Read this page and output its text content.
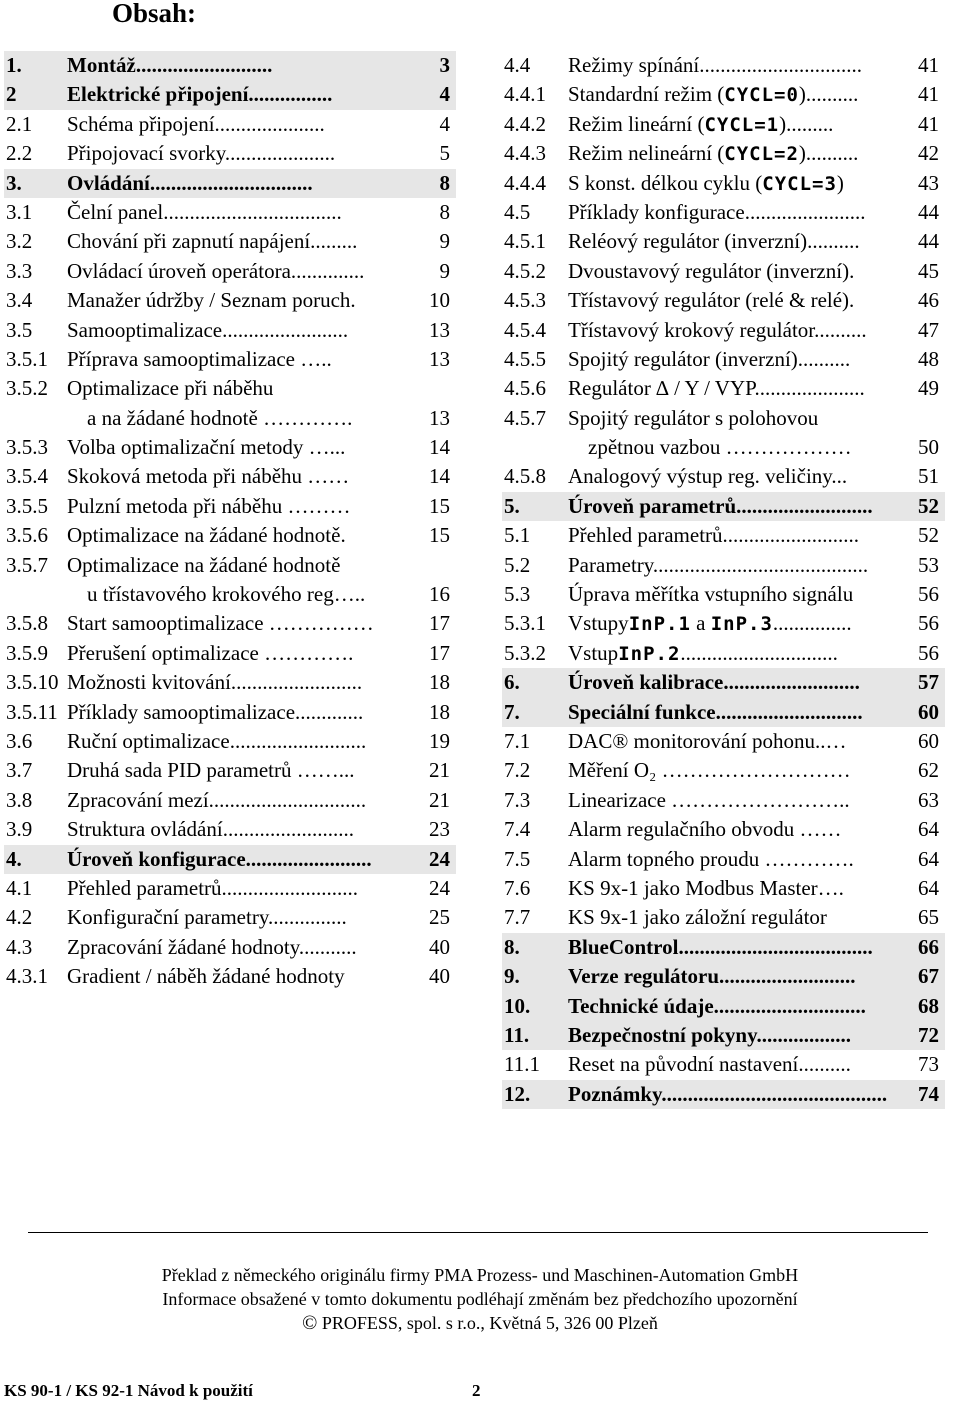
Obsah:
1. Montáž..........................	3
2 Elektrické připojení................	4
2.1 Schéma připojení.....................	4
2.2 Připojovací svorky.....................	5
3. Ovládání...............................	8
3.1 Čelní panel..................................	8
3.2 Chování při zapnutí napájení.........	9
3.3 Ovládací úroveň operátora..............	9
3.4 Manažer údržby / Seznam poruch.	10
3.5 Samooptimalizace........................	13
3.5.1 Příprava samooptimalizace …..	13
3.5.2 Optimalizace při náběhu
a na žádané hodnotě ………….	13
3.5.3 Volba optimalizační metody …...	14
3.5.4 Skoková metoda při náběhu ……	14
3.5.5 Pulzní metoda při náběhu ………	15
3.5.6 Optimalizace na žádané hodnotě.	15
3.5.7 Optimalizace na žádané hodnotě
u třístavového krokového reg…..	16
3.5.8 Start samooptimalizace ……………	17
3.5.9 Přerušení optimalizace ………….	17
3.5.10 Možnosti kvitování.........................	18
3.5.11 Příklady samooptimalizace.............	18
3.6 Ruční optimalizace..........................	19
3.7 Druhá sada PID parametrů ……...	21
3.8 Zpracování mezí..............................	21
3.9 Struktura ovládání.........................	23
4. Úroveň konfigurace........................	24
4.1 Přehled parametrů..........................	24
4.2 Konfigurační parametry...............	25
4.3 Zpracování žádané hodnoty...........	40
4.3.1 Gradient / náběh žádané hodnoty	40
4.4 Režimy spínání...............................	41
4.4.1 Standardní režim (CYCL=0)..........	41
4.4.2 Režim lineární (CYCL=1).........	41
4.4.3 Režim nelineární (CYCL=2)..........	42
4.4.4 S konst. délkou cyklu (CYCL=3)	43
4.5 Příklady konfigurace.......................	44
4.5.1 Reléový regulátor (inverzní)..........	44
4.5.2 Dvoustavový regulátor (inverzní).	45
4.5.3 Třístavový regulátor (relé & relé).	46
4.5.4 Třístavový krokový regulátor.......... 47
4.5.5 Spojitý regulátor (inverzní)..........	48
4.5.6 Regulátor ∆ / Y / VYP.....................	49
4.5.7 Spojitý regulátor s polohovou
zpětnou vazbou ………………	50
4.5.8 Analogový výstup reg. veličiny...	51
5. Úroveň parametrů.......................... 52
5.1 Přehled parametrů..........................	52
5.2 Parametry......................................... 53
5.3 Úprava měřítka vstupního signálu	56
5.3.1 VstupyInP.1 a InP.3...............	56
5.3.2 VstupInP.2..............................	56
6. Úroveň kalibrace..........................	57
7. Speciální funkce............................	60
7.1 DAC® monitorování pohonu..…	60
7.2 Měření O₂ ………………………	62
7.3 Linearizace ……………………..	63
7.4 Alarm regulačního obvodu ……	64
7.5 Alarm topného proudu ………….	64
7.6 KS 9x-1 jako Modbus Master….	64
7.7 KS 9x-1 jako záložní regulátor	65
8. BlueControl..................................... 66
9. Verze regulátoru..........................	67
10. Technické údaje............................. 68
11. Bezpečnostní pokyny..................	72
11.1 Reset na původní nastavení..........	73
12. Poznámky........................................... 74
Překlad z německého originálu firmy PMA Prozess- und Maschinen-Automation GmbH
Informace obsažené v tomto dokumentu podléhají změnám bez předchozího upozornění
© PROFESS, spol. s r.o., Květná 5, 326 00 Plzeň
KS 90-1 / KS 92-1 Návod k použití	2
